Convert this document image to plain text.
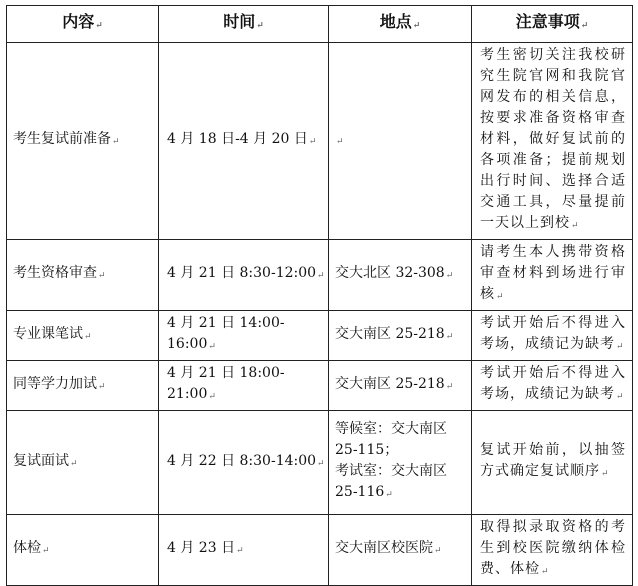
内容↵	时间↵	地点↵	注意事项↵
考生复试前准备↵	4 月 18 日-4 月 20 日↵	↵	考生密切关注我校研究生院官网和我院官网发布的相关信息，按要求准备资格审查材料，做好复试前的各项准备；提前规划出行时间、选择合适交通工具，尽量提前一天以上到校↵
考生资格审查↵	4 月 21 日 8:30-12:00↵	交大北区 32-308↵	请考生本人携带资格审查材料到场进行审核↵
专业课笔试↵	4 月 21 日 14:00-16:00↵	交大南区 25-218↵	考试开始后不得进入考场，成绩记为缺考↵
同等学力加试↵	4 月 21 日 18:00-21:00↵	交大南区 25-218↵	考试开始后不得进入考场，成绩记为缺考↵
复试面试↵	4 月 22 日 8:30-14:00↵	等候室：交大南区
25-115；
考试室：交大南区
25-116↵	复试开始前，以抽签方式确定复试顺序↵
体检↵	4 月 23 日↵	交大南区校医院↵	取得拟录取资格的考生到校医院缴纳体检费、体检↵
